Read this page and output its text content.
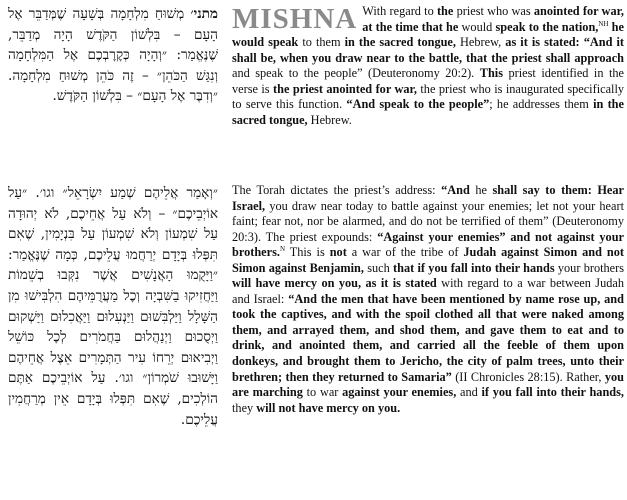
מתני׳ מְשׁוּחַ מִלְחָמָה בְּשָׁעָה שֶׁמְּדַבֵּר אֶל הָעָם – בִּלְשׁוֹן הַקֹּדֶשׁ הָיָה מְדַבֵּר, שֶׁנֶּאֱמַר: ״וְהָיָה כְּקׇרׇבְכֶם אֶל הַמִּלְחָמָה וְנִגַּשׁ הַכֹּהֵן״ – זֶה כֹּהֵן מְשׁוּחַ מִלְחָמָה. ״וְדִבֶּר אֶל הָעָם״ – בִּלְשׁוֹן הַקֹּדֶשׁ.
״וְאָמַר אֲלֵיהֶם שְׁמַע יִשְׂרָאֵל״ וגו׳. ״עַל אוֹיְבֵיכֶם״ – וְלֹא עַל אֲחֵיכֶם, לֹא יְהוּדָה עַל שִׁמְעוֹן וְלֹא שִׁמְעוֹן עַל בִּנְיָמִין, שֶׁאִם תִּפְּלוּ בְּיָדָם יְרַחֲמוּ עֲלֵיכֶם, כְּמָה שֶׁנֶּאֱמַר: ״וַיָּקֻמוּ הָאֲנָשִׁים אֲשֶׁר נִקְּבוּ בְשֵׁמוֹת וַיַּחֲזִיקוּ בַשִּׁבְיָה וְכׇל מַעֲרֻמֵּיהֶם הִלְבִּישׁוּ מִן הַשָּׁלָל וַיַּלְבִּשׁוּם וַיַּנְעִלוּם וַיַּאֲכִלוּם וַיַּשְׁקוּם וַיְסֻכוּם וַיְנַהֲלוּם בַּחֲמֹרִים לְכׇל כּוֹשֵׁל וַיְבִיאוּם יְרֵחוֹ עִיר הַתְּמָרִים אֵצֶל אֲחֵיהֶם וַיָּשׁוּבוּ שֹׁמְרוֹן״ וגו׳. עַל אוֹיְבֵיכֶם אַתֶּם הוֹלְכִים, שֶׁאִם תִּפְּלוּ בְּיָדָם אֵין מְרַחֲמִין עֲלֵיכֶם.
MISHNA With regard to the priest who was anointed for war, at the time that he would speak to the nation,$^{NH}$ he would speak to them in the sacred tongue, Hebrew, as it is stated: “And it shall be, when you draw near to the battle, that the priest shall approach and speak to the people” (Deuteronomy 20:2). This priest identified in the verse is the priest anointed for war, the priest who is inaugurated specifically to serve this function. “And speak to the people”; he addresses them in the sacred tongue, Hebrew.
The Torah dictates the priest’s address: “And he shall say to them: Hear Israel, you draw near today to battle against your enemies; let not your heart faint; fear not, nor be alarmed, and do not be terrified of them” (Deuteronomy 20:3). The priest expounds: “Against your enemies” and not against your brothers.$^N$ This is not a war of the tribe of Judah against Simon and not Simon against Benjamin, such that if you fall into their hands your brothers will have mercy on you, as it is stated with regard to a war between Judah and Israel: “And the men that have been mentioned by name rose up, and took the captives, and with the spoil clothed all that were naked among them, and arrayed them, and shod them, and gave them to eat and to drink, and anointed them, and carried all the feeble of them upon donkeys, and brought them to Jericho, the city of palm trees, unto their brethren; then they returned to Samaria” (II Chronicles 28:15). Rather, you are marching to war against your enemies, and if you fall into their hands, they will not have mercy on you.
